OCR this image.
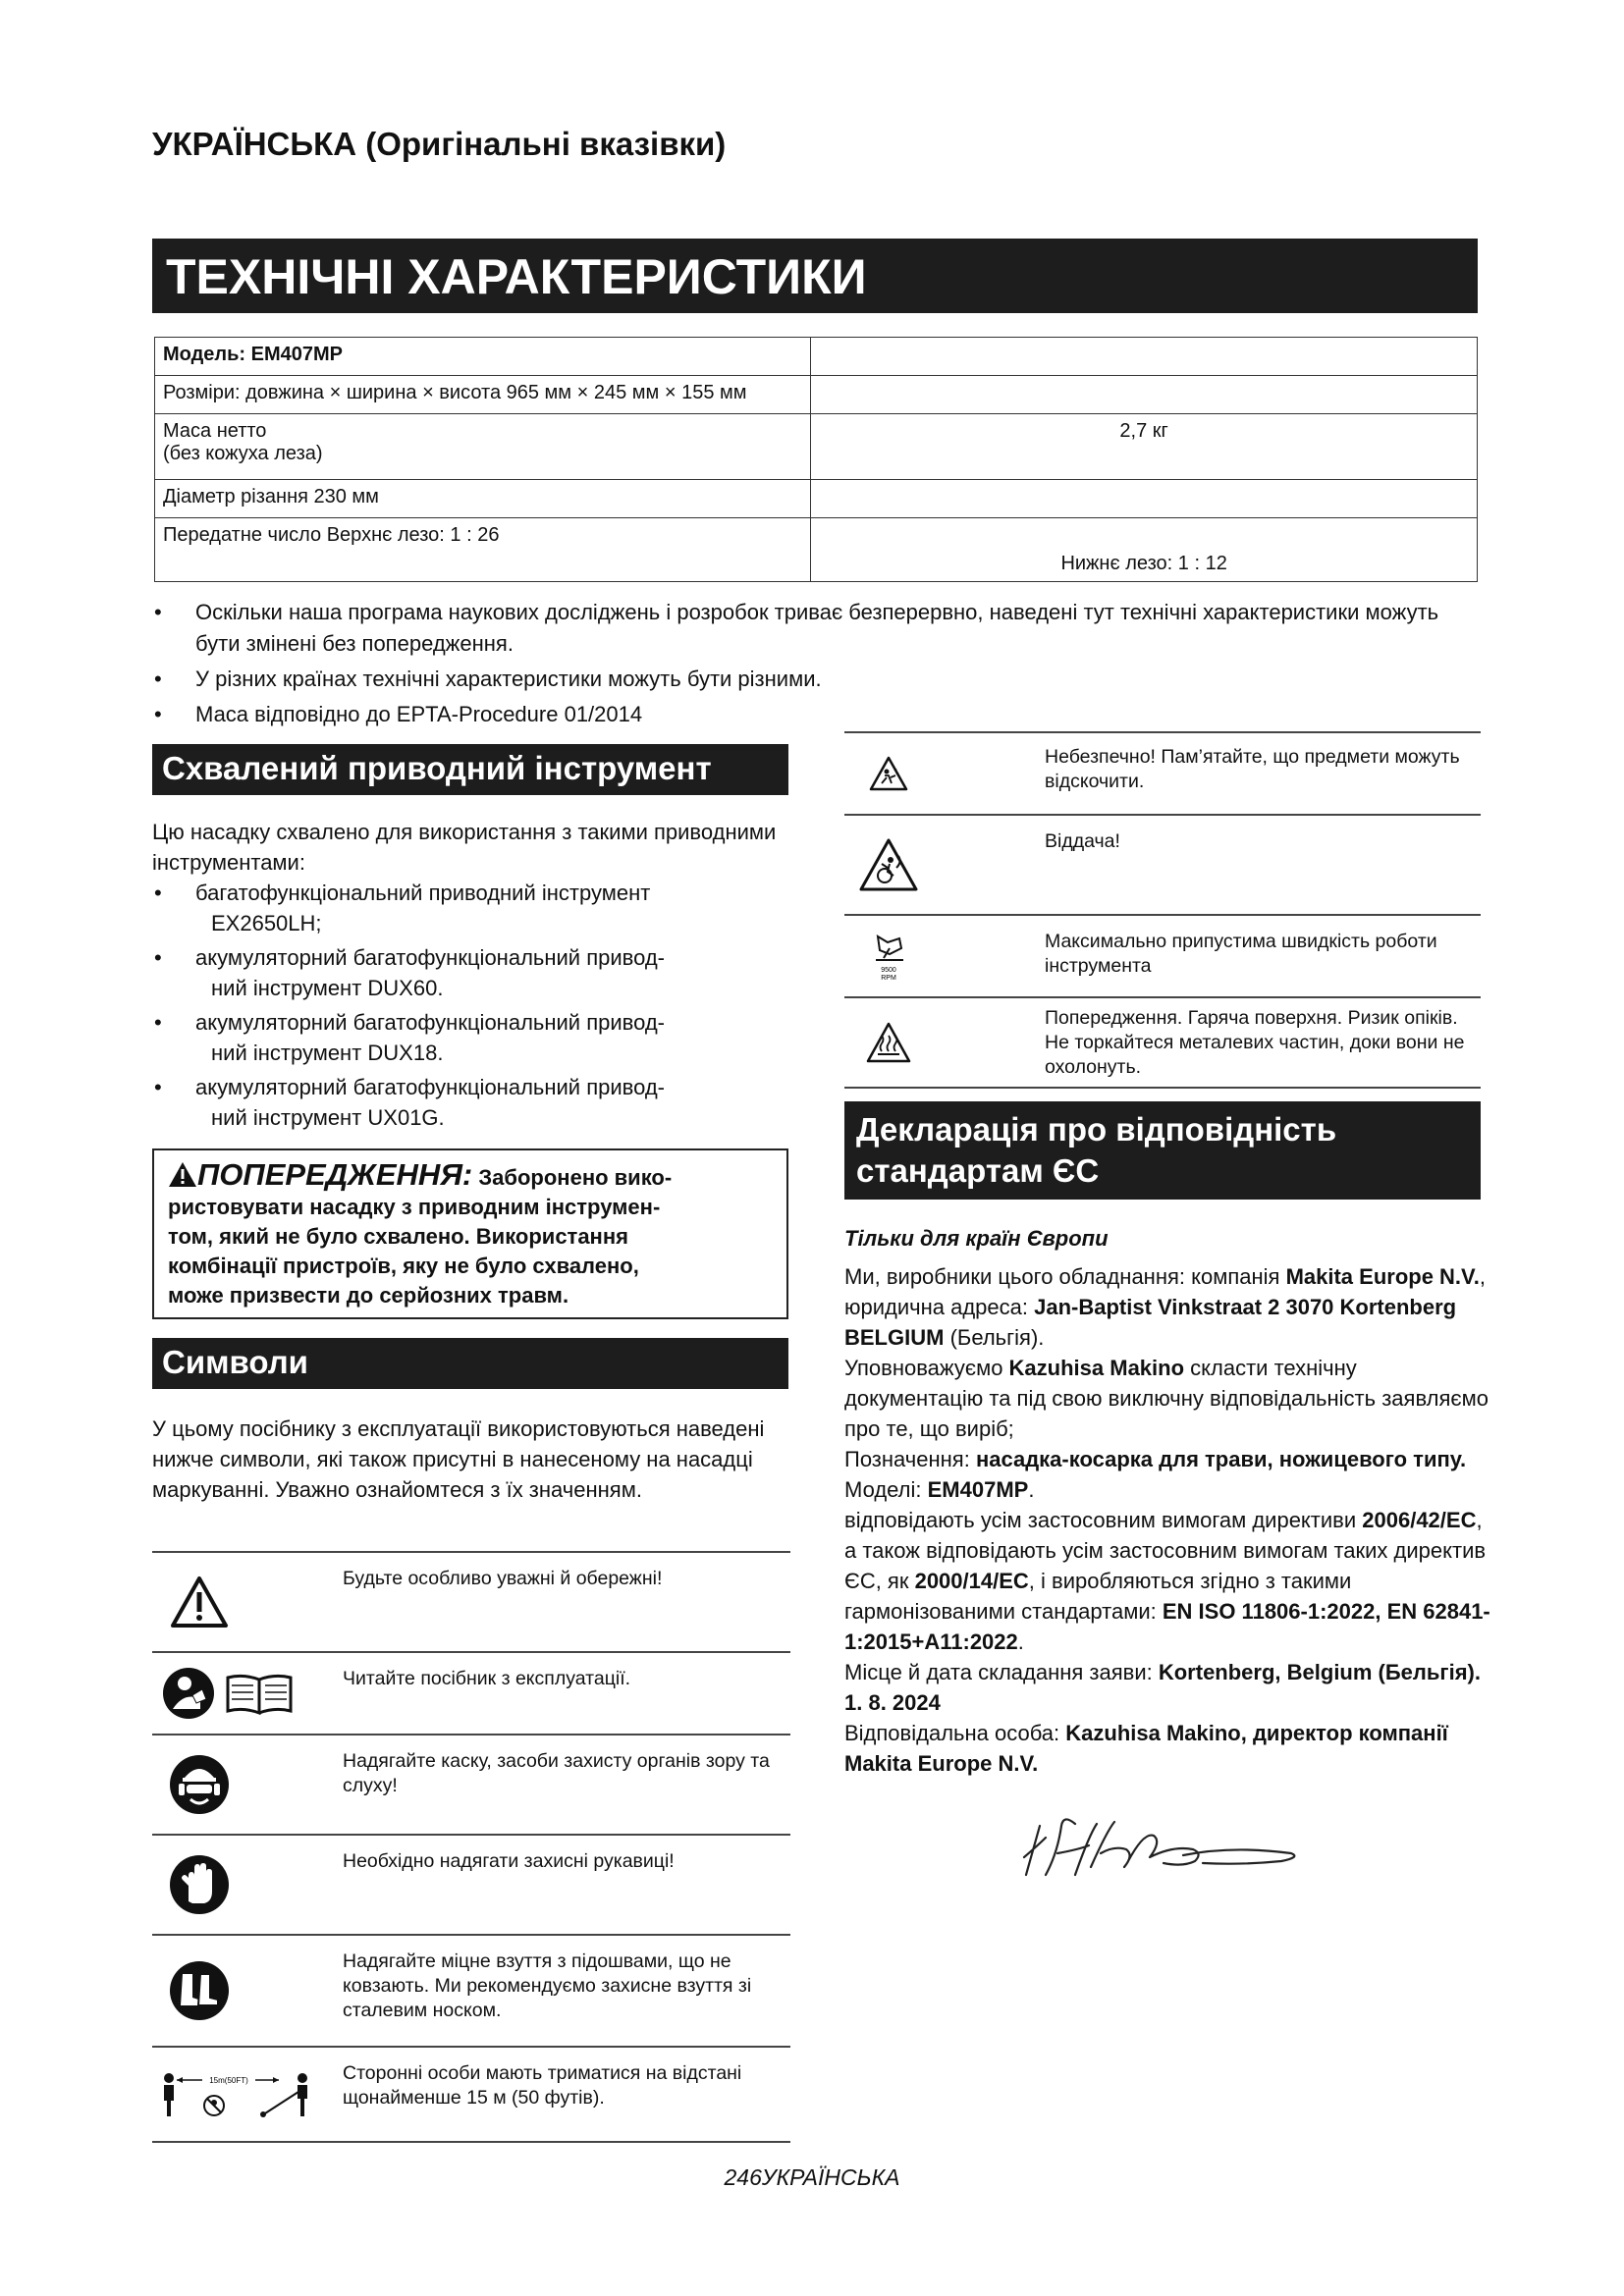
УКРАЇНСЬКА (Оригінальні вказівки)
ТЕХНІЧНІ ХАРАКТЕРИСТИКИ
Модель: EM407MP	
Розміри: довжина × ширина × висота 965 мм × 245 мм × 155 мм	
Маса нетто
(без кожуха леза)	2,7 кг
Діаметр різання 230 мм	
Передатне число Верхнє лезо: 1 : 26	Нижнє лезо: 1 : 12
• Оскільки наша програма наукових досліджень і розробок триває безперервно, наведені тут технічні характеристики можуть бути змінені без попередження.
• У різних країнах технічні характеристики можуть бути різними.
• Маса відповідно до EPTA-Procedure 01/2014
Схвалений приводний інструмент
Цю насадку схвалено для використання з такими приводними інструментами:
• багатофункціональний приводний інструмент
EX2650LH;
• акумуляторний багатофункціональний привод-
ний інструмент DUX60.
• акумуляторний багатофункціональний привод-
ний інструмент DUX18.
• акумуляторний багатофункціональний привод-
ний інструмент UX01G.
ПОПЕРЕДЖЕННЯ: Заборонено вико-
ристовувати насадку з приводним інструмен-
том, який не було схвалено. Використання
комбінації пристроїв, яку не було схвалено,
може призвести до серйозних травм.
Символи
У цьому посібнику з експлуатації використовуються наведені нижче символи, які також присутні в нанесеному на насадці маркуванні. Уважно ознайомтеся з їх значенням.
	Будьте особливо уважні й обережні!

	Читайте посібник з експлуатації.

	Надягайте каску, засоби захисту органів зору та слуху!

	Необхідно надягати захисні рукавиці!

	Надягайте міцне взуття з підошвами, що не ковзають. Ми рекомендуємо захисне взуття зі сталевим носком.

15m(50FT)	Сторонні особи мають триматися на відстані щонайменше 15 м (50 футів).
	Небезпечно! Пам’ятайте, що предмети можуть відскочити.

	Віддача!

9500
RPM	Максимально припустима швидкість роботи інструмента

	Попередження. Гаряча поверхня. Ризик опіків. Не торкайтеся металевих частин, доки вони не охолонуть.
Декларація про відповідність
стандартам ЄС
Тільки для країн Європи
Ми, виробники цього обладнання: компанія Makita Europe N.V., юридична адреса: Jan-Baptist Vinkstraat 2 3070 Kortenberg BELGIUM (Бельгія).
Уповноважуємо Kazuhisa Makino скласти технічну документацію та під свою виключну відповідальність заявляємо про те, що виріб;
Позначення: насадка-косарка для трави, ножицевого типу. Моделі: EM407MP.
відповідають усім застосовним вимогам директиви 2006/42/EC, а також відповідають усім застосовним вимогам таких директив ЄС, як 2000/14/EC, і виробляються згідно з такими гармонізованими стандартами: EN ISO 11806-1:2022, EN 62841-1:2015+A11:2022.
Місце й дата складання заяви: Kortenberg, Belgium (Бельгія). 1. 8. 2024
Відповідальна особа: Kazuhisa Makino, директор компанії Makita Europe N.V.
246УКРАЇНСЬКА
